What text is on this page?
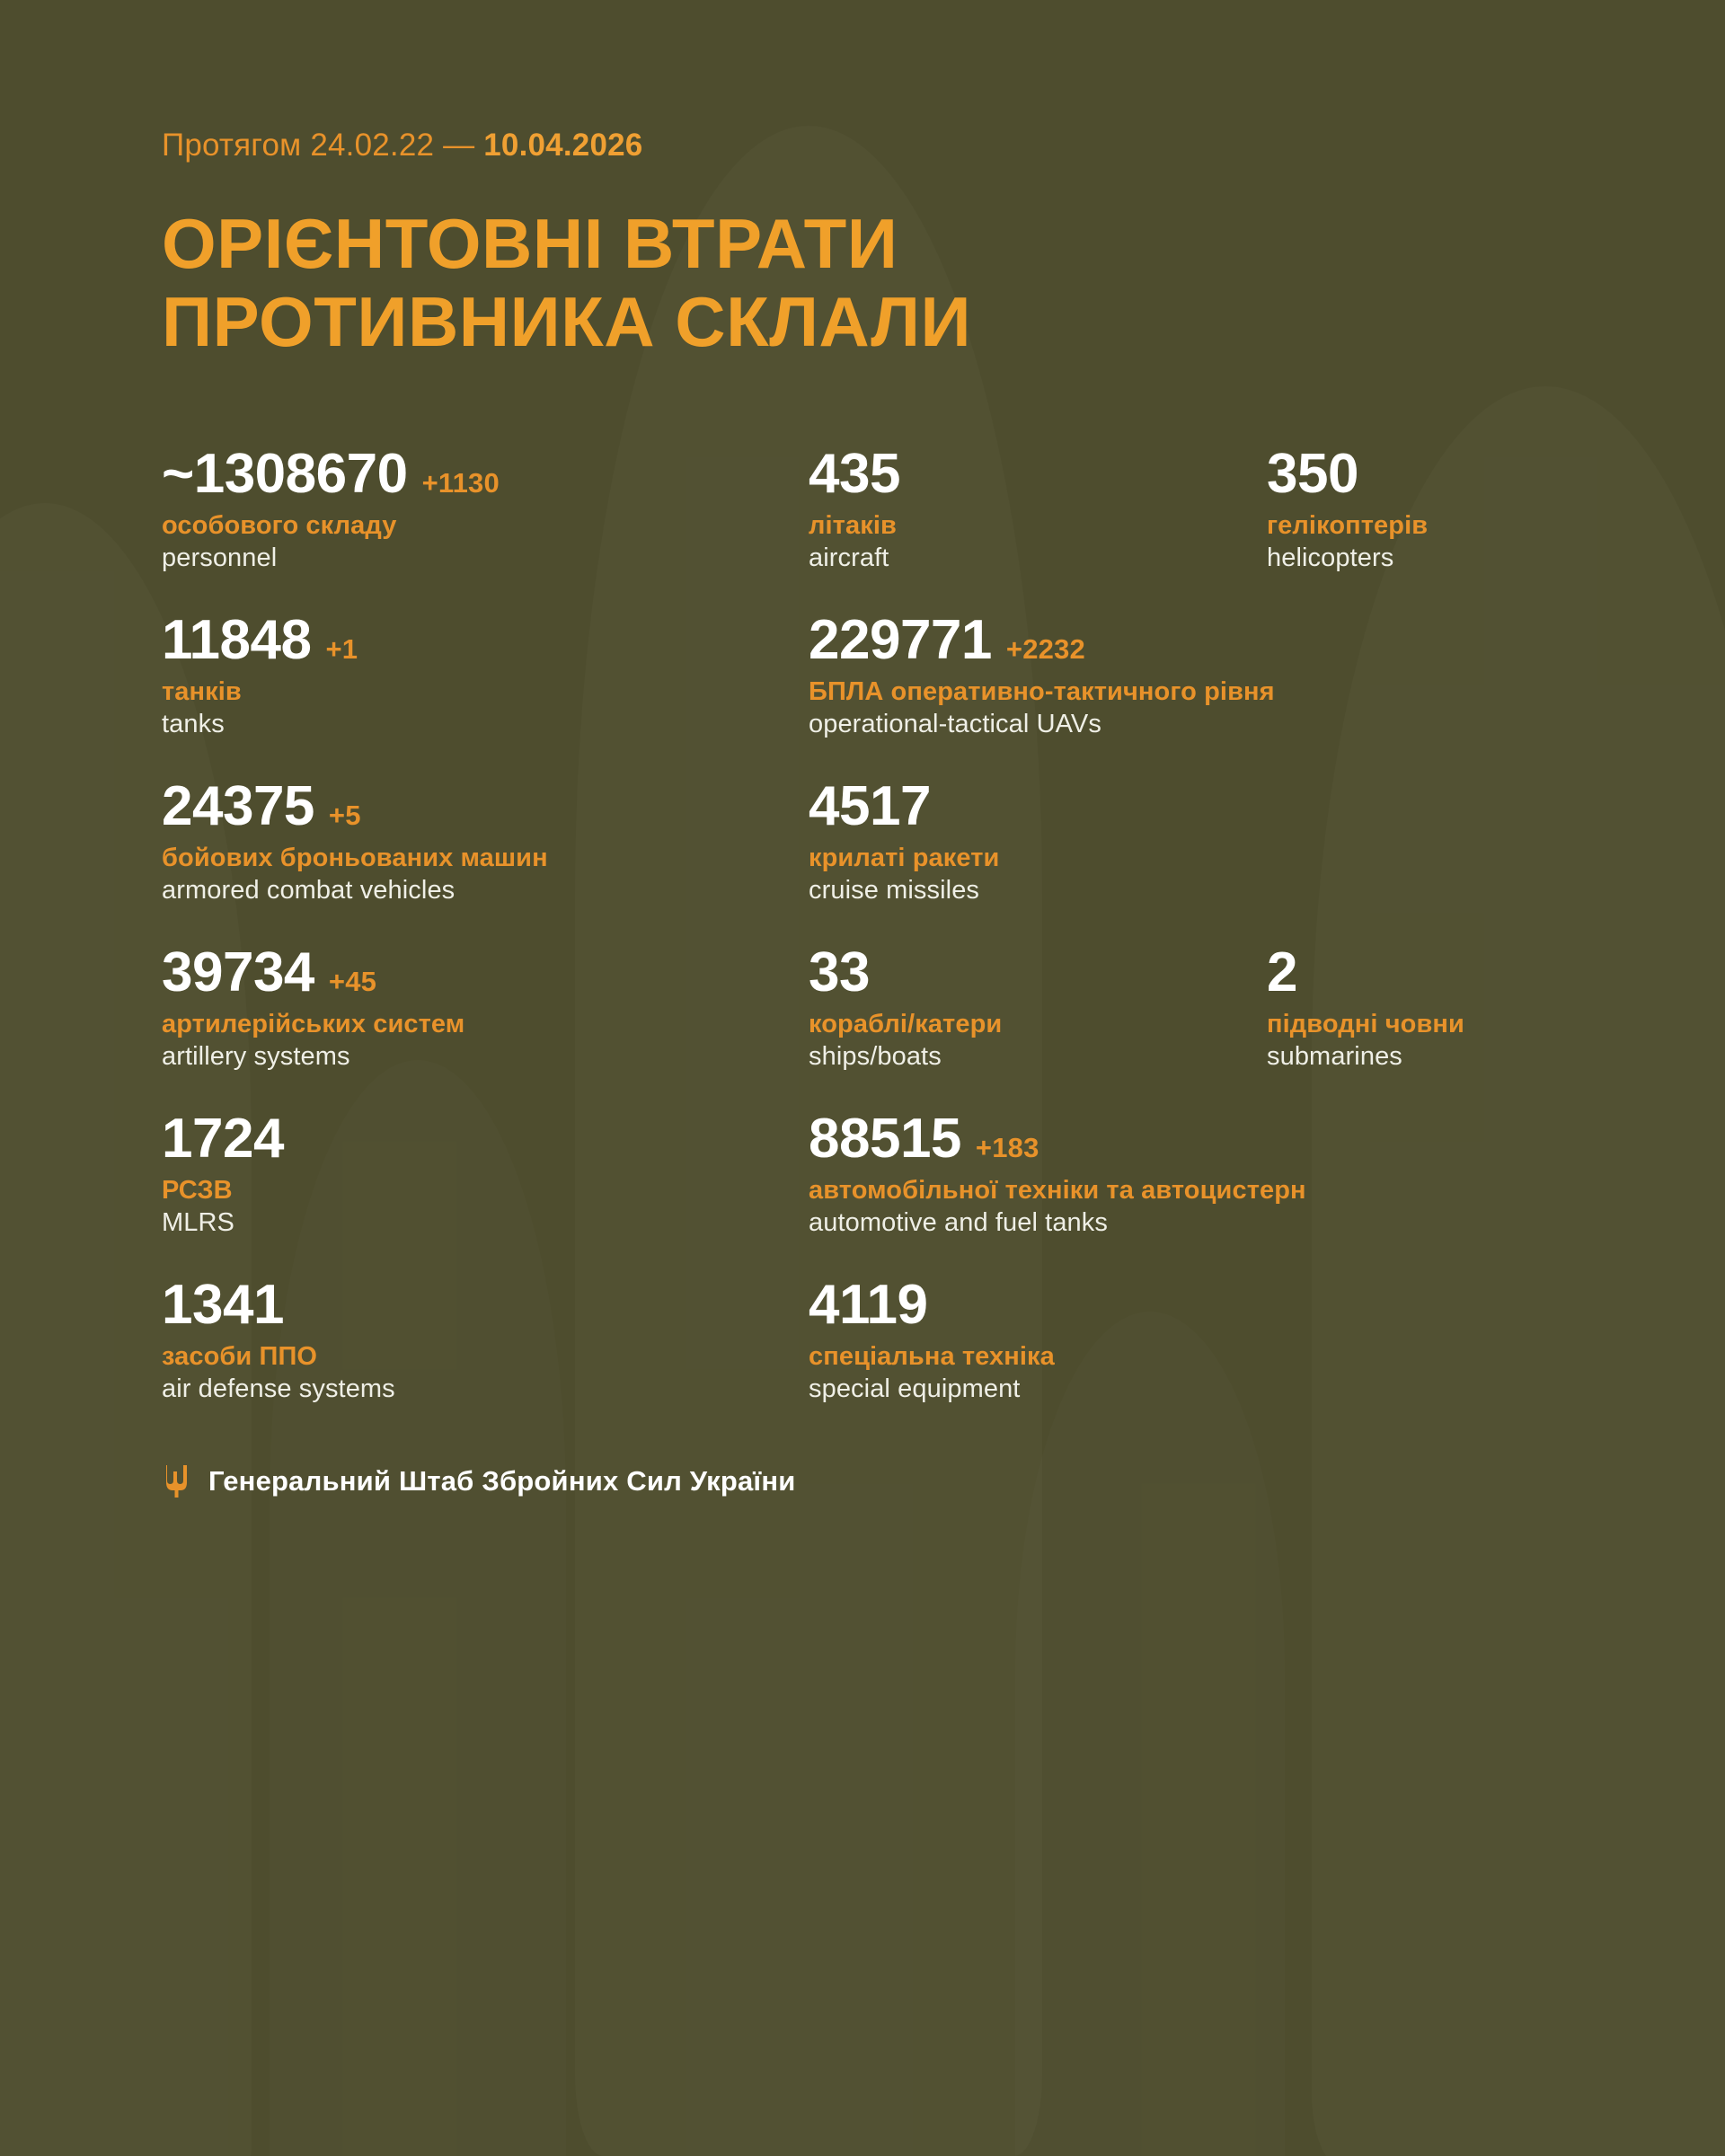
Протягом 24.02.22 — 10.04.2026
ОРІЄНТОВНІ ВТРАТИ
ПРОТИВНИКА СКЛАЛИ
~1308670 +1130
особового складу
personnel
435
літаків
aircraft
350
гелікоптерів
helicopters
11848 +1
танків
tanks
229771 +2232
БПЛА оперативно-тактичного рівня
operational-tactical UAVs
24375 +5
бойових броньованих машин
armored combat vehicles
4517
крилаті ракети
cruise missiles
39734 +45
артилерійських систем
artillery systems
33
кораблі/катери
ships/boats
2
підводні човни
submarines
1724
РСЗВ
MLRS
88515 +183
автомобільної техніки та автоцистерн
automotive and fuel tanks
1341
засоби ППО
air defense systems
4119
спеціальна техніка
special equipment
Генеральний Штаб Збройних Сил України
